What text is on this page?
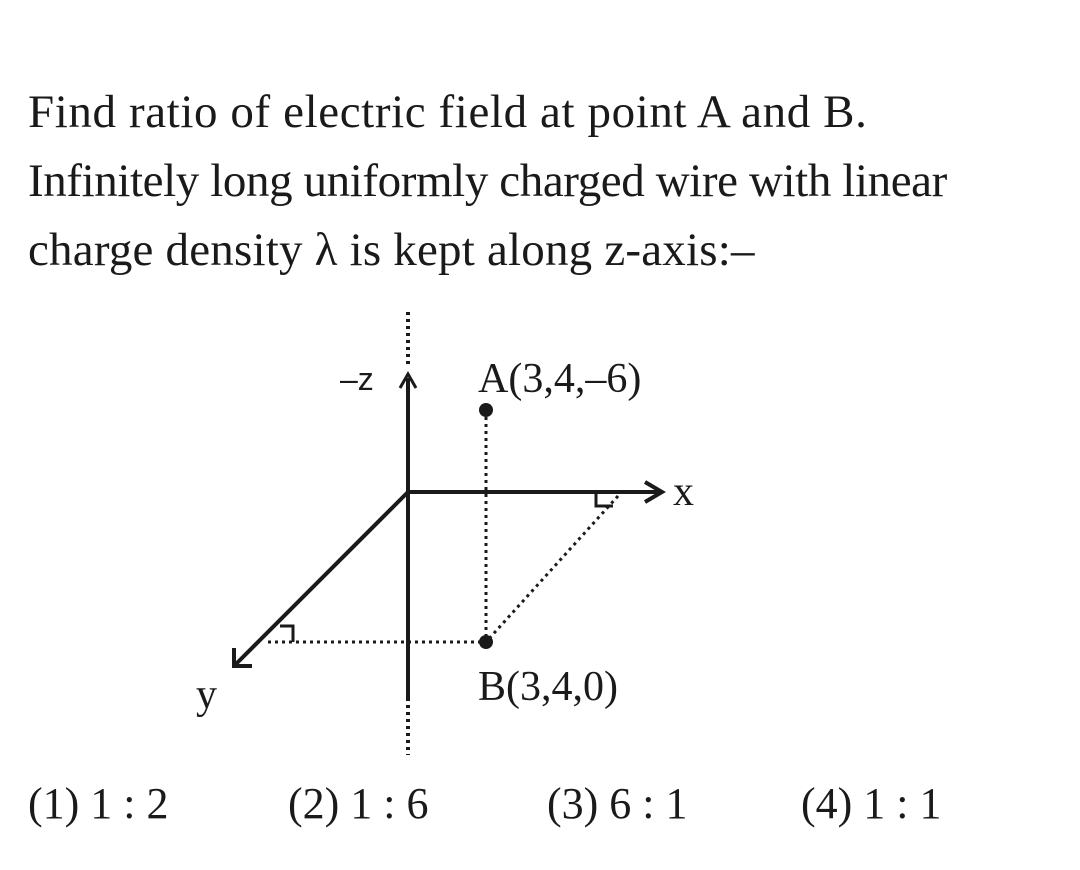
Find ratio of electric field at point A and B.
Infinitely long uniformly charged wire with linear
charge density λ is kept along z-axis:–
–z A(3,4,–6)
x
y	B(3,4,0)
(1) 1 : 2	(2) 1 : 6	(3) 6 : 1	(4) 1 : 1
